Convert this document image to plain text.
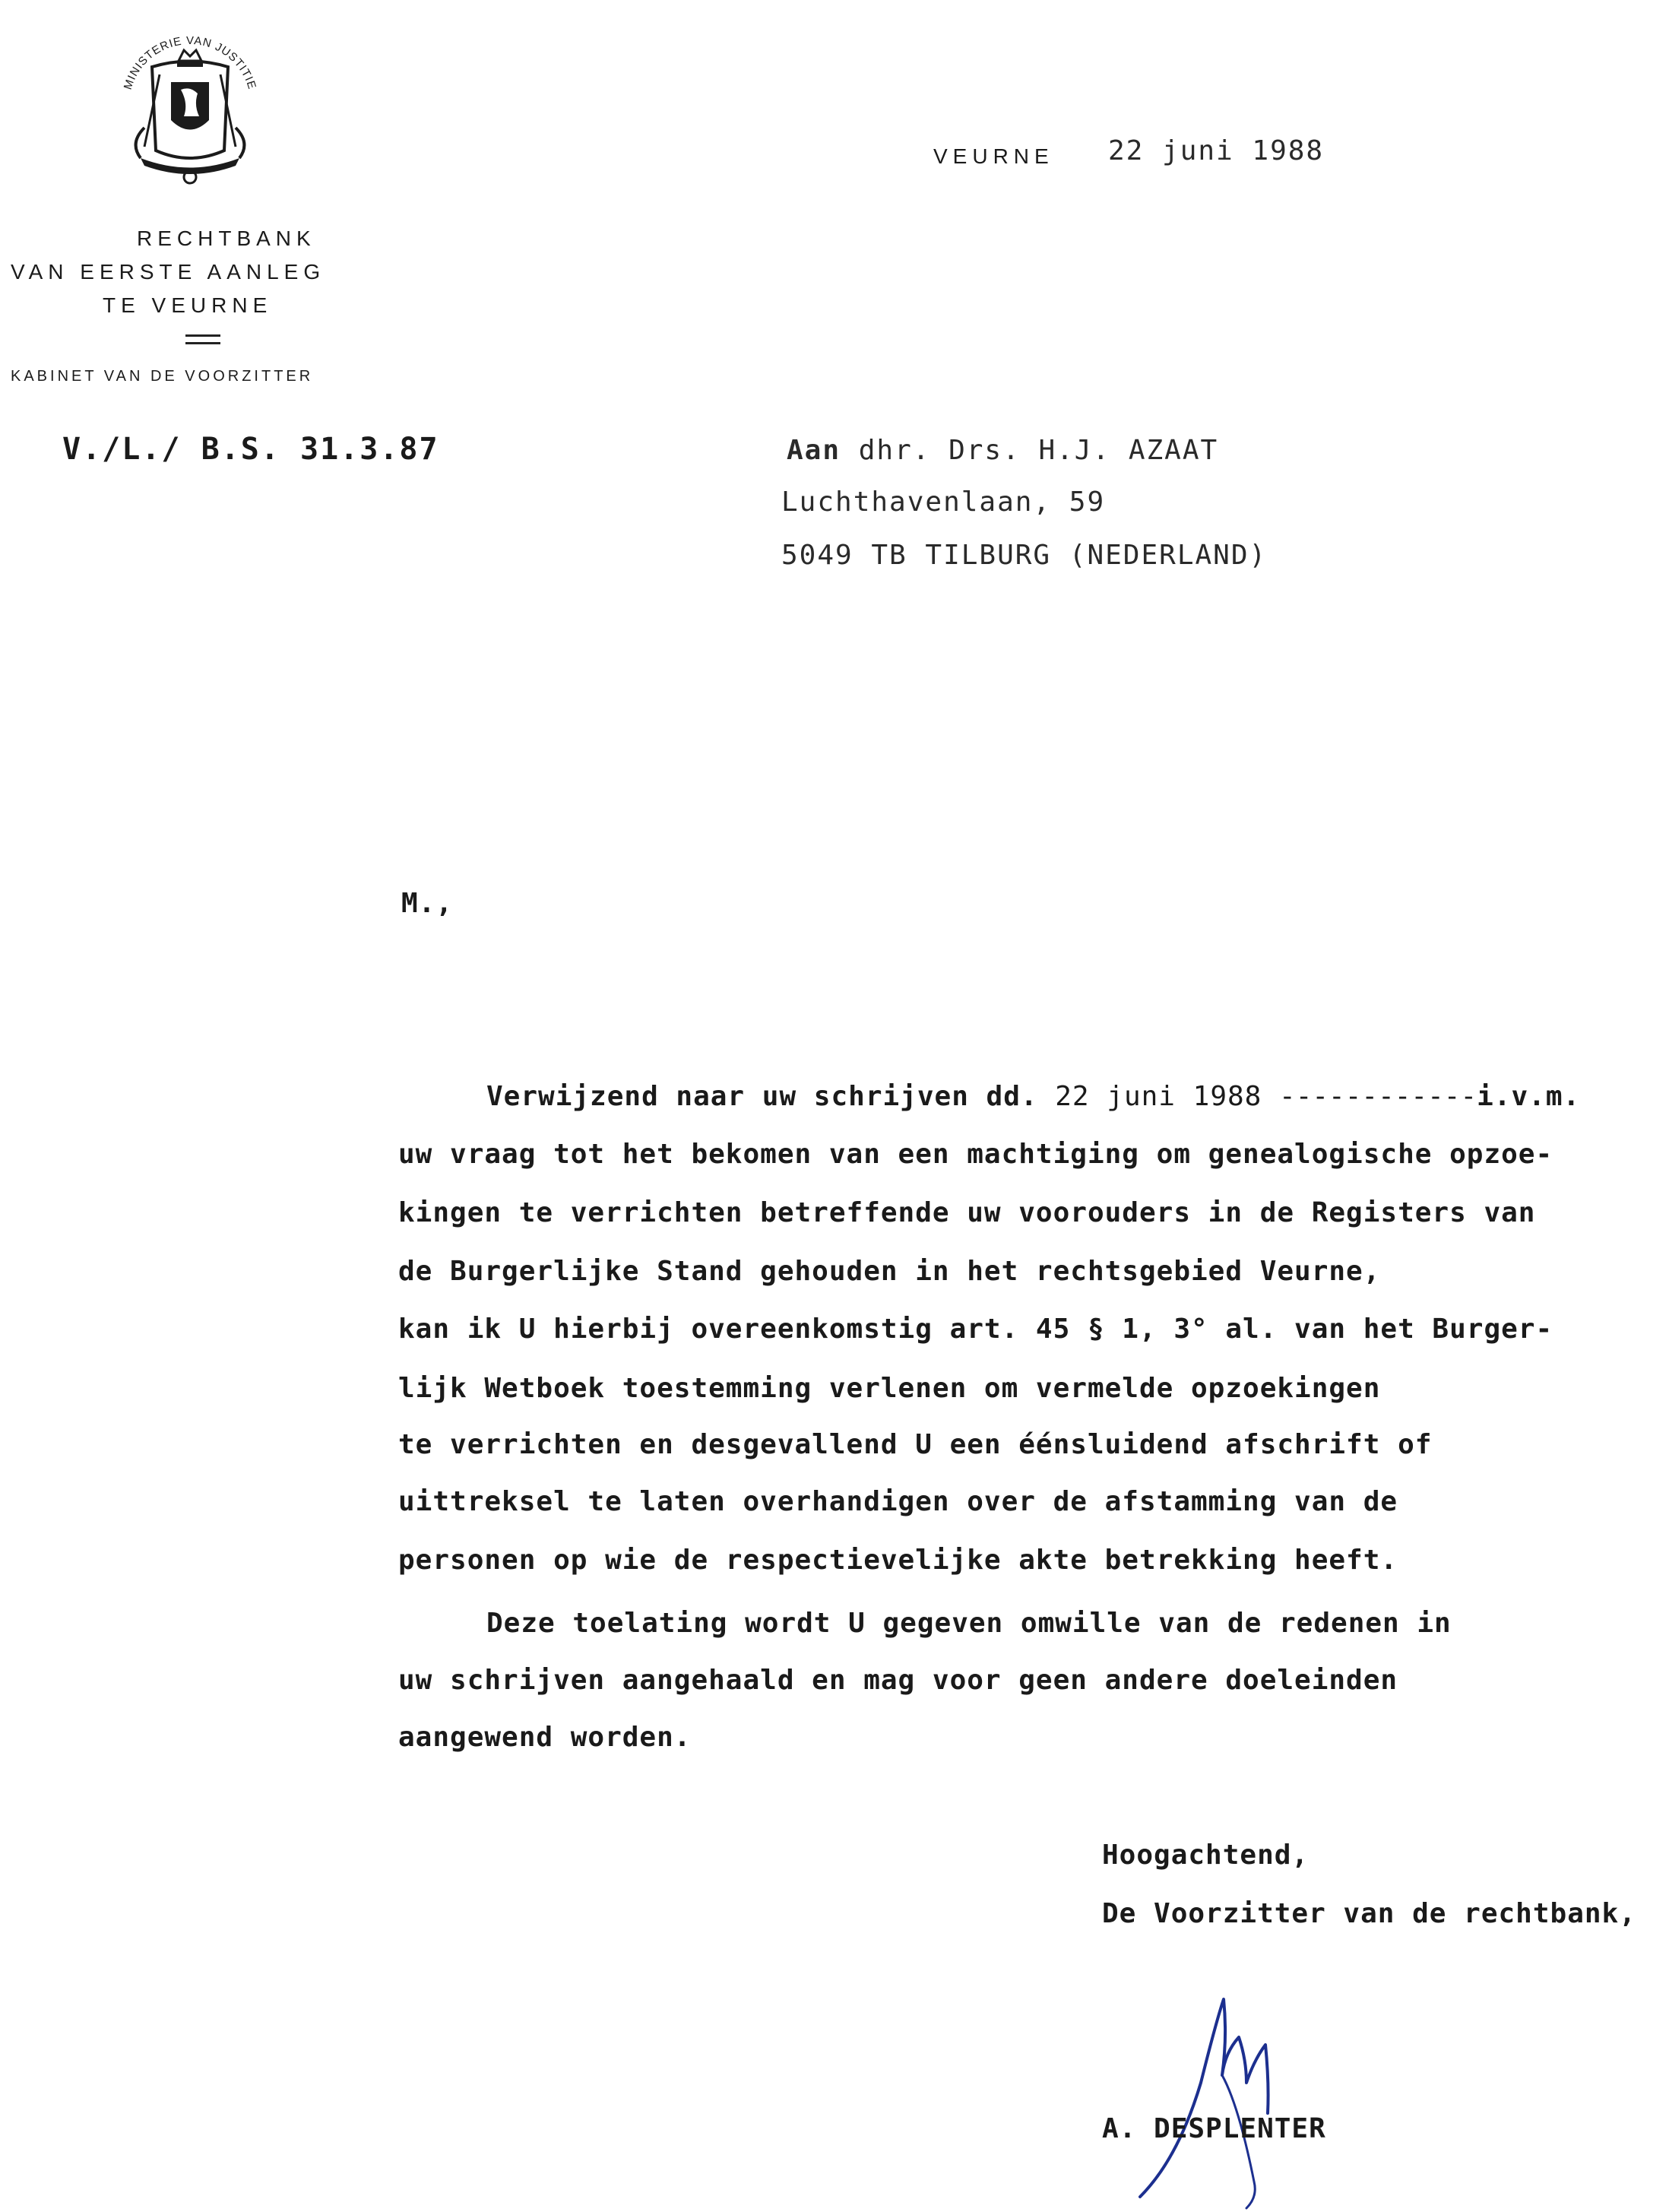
MINISTERIE VAN JUSTITIE
RECHTBANK
VAN EERSTE AANLEG
TE VEURNE
KABINET VAN DE VOORZITTER
VEURNE 22 juni 1988
V./L./ B.S. 31.3.87	Aan dhr. Drs. H.J. AZAAT
Luchthavenlaan, 59
5049 TB TILBURG (NEDERLAND)
M.,
Verwijzend naar uw schrijven dd. 22 juni 1988 ------------i.v.m.
uw vraag tot het bekomen van een machtiging om genealogische opzoe-
kingen te verrichten betreffende uw voorouders in de Registers van
de Burgerlijke Stand gehouden in het rechtsgebied Veurne,
kan ik U hierbij overeenkomstig art. 45 § 1, 3° al. van het Burger-
lijk Wetboek toestemming verlenen om vermelde opzoekingen
te verrichten en desgevallend U een éénsluidend afschrift of
uittreksel te laten overhandigen over de afstamming van de
personen op wie de respectievelijke akte betrekking heeft.
Deze toelating wordt U gegeven omwille van de redenen in
uw schrijven aangehaald en mag voor geen andere doeleinden
aangewend worden.
Hoogachtend,
De Voorzitter van de rechtbank,
A. DESPLENTER
